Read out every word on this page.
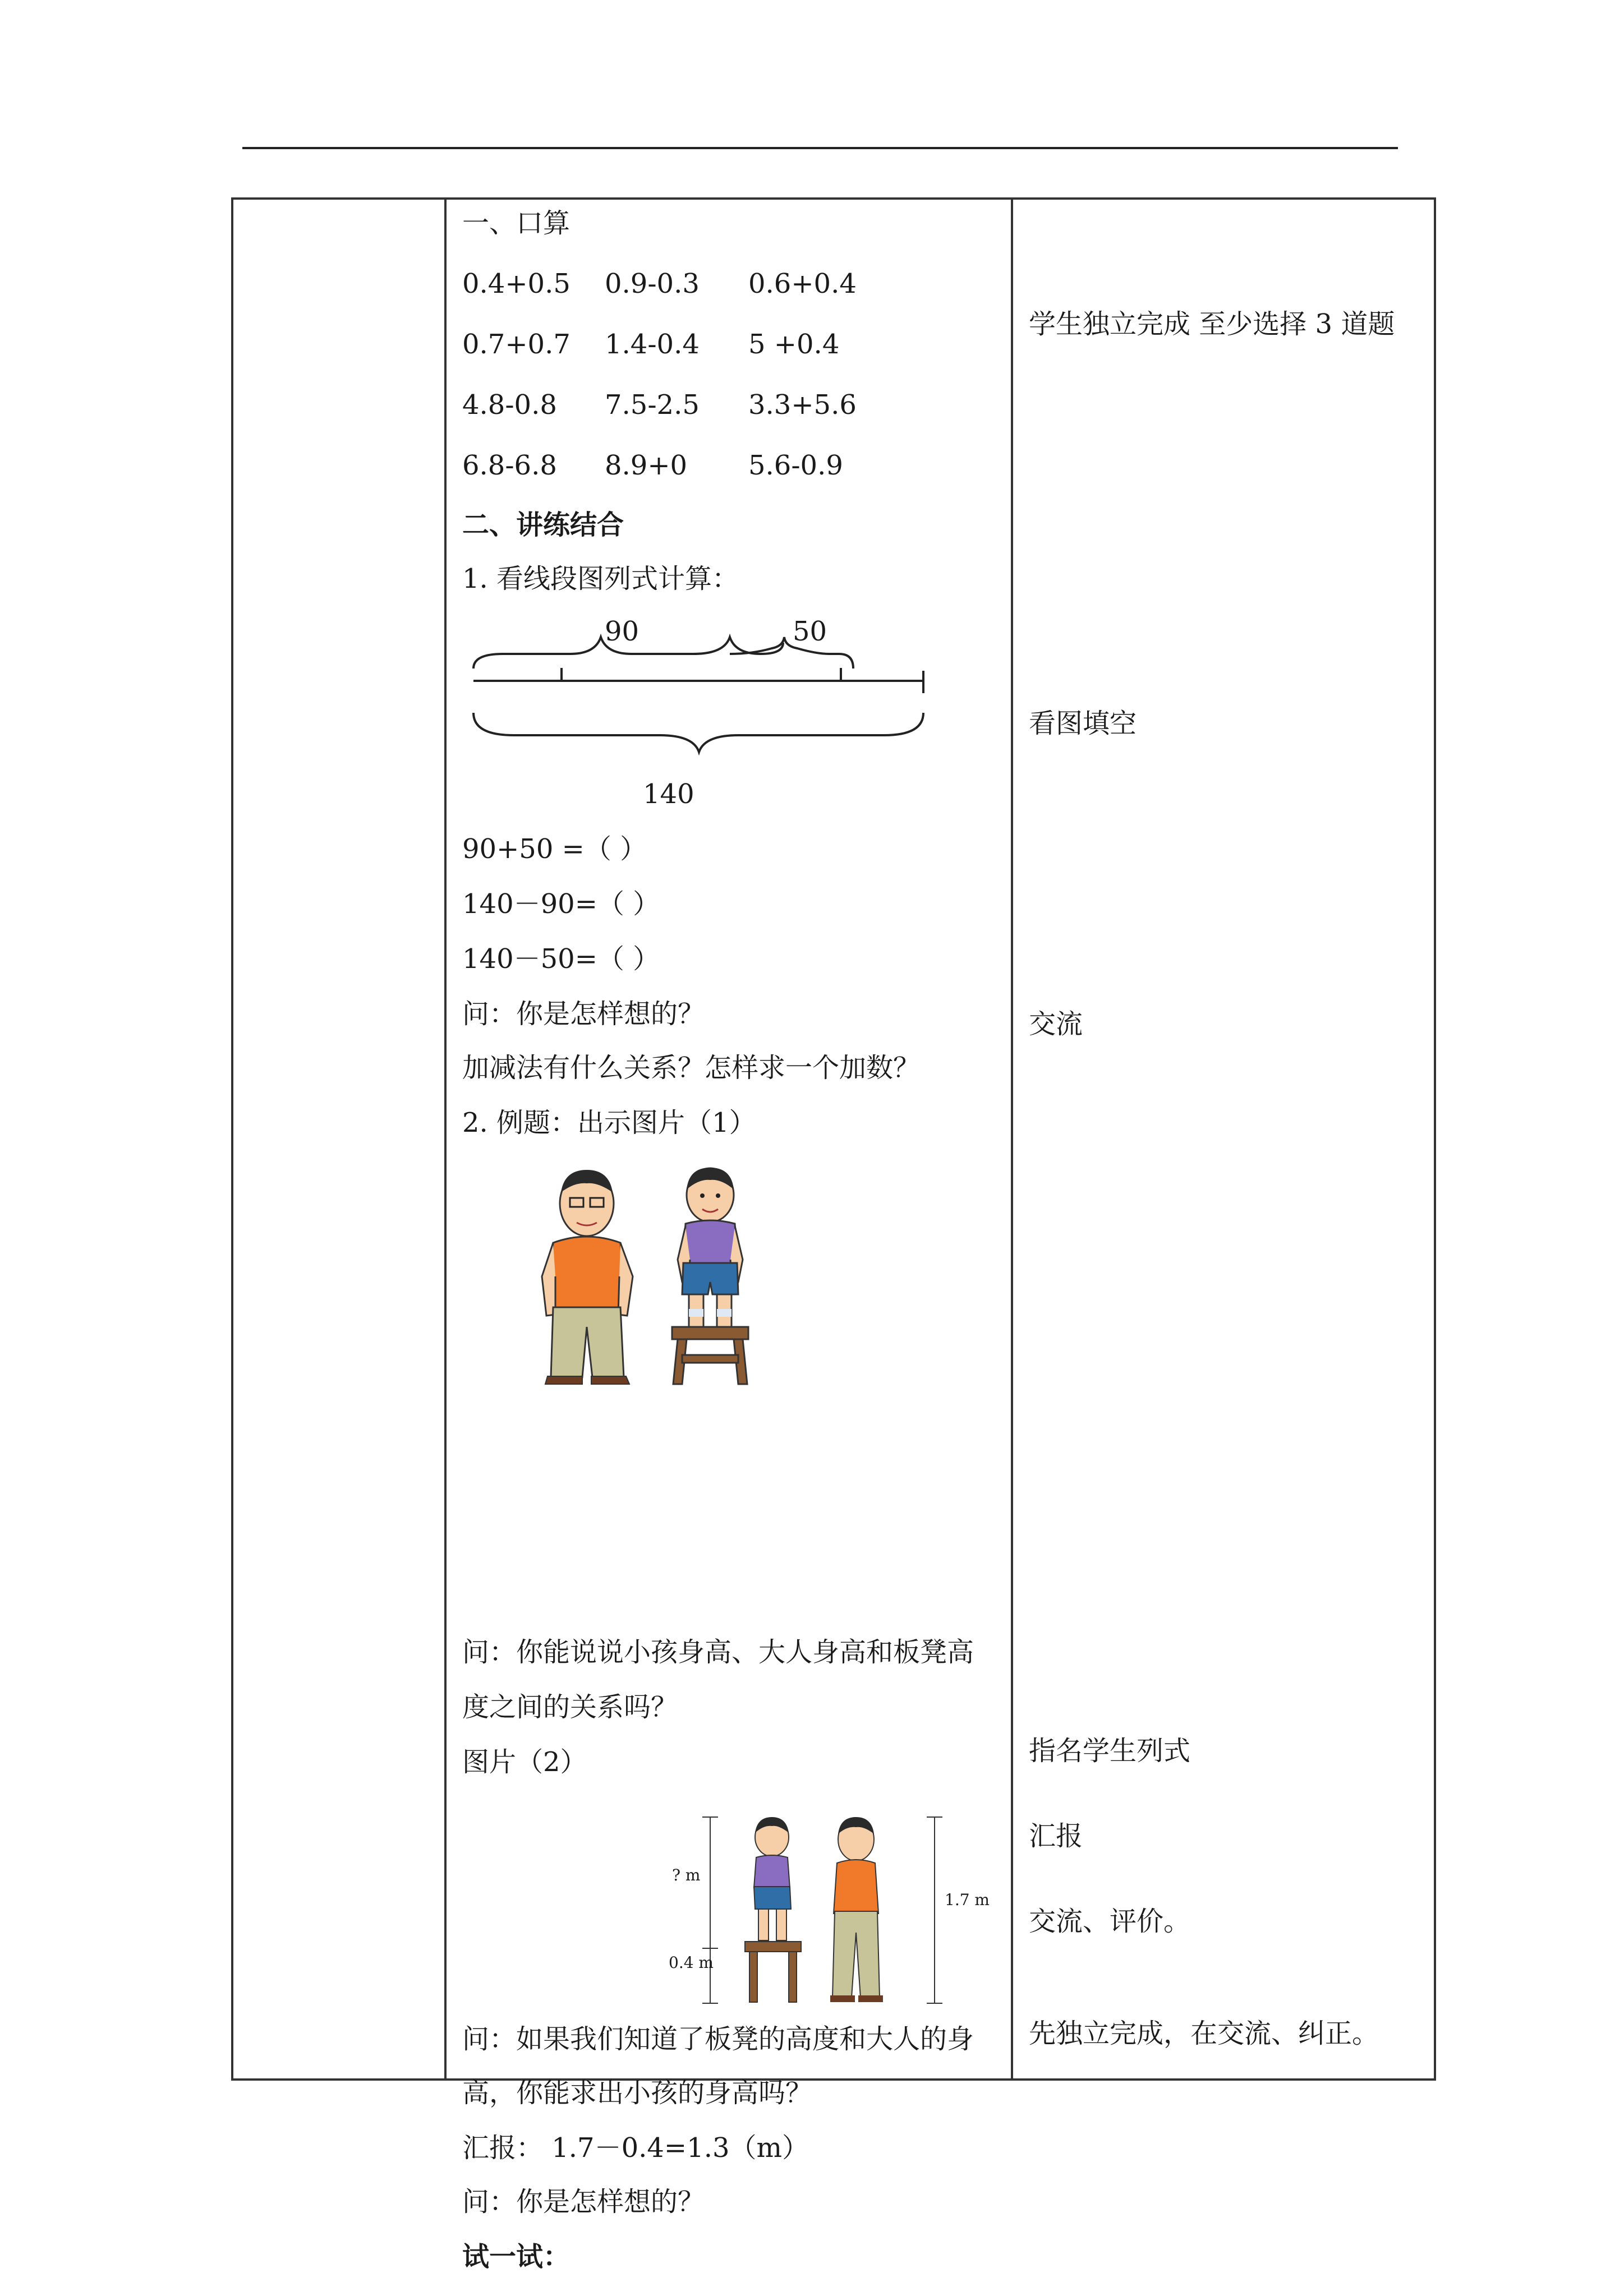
一、口算
0.4+0.5 0.9-0.3 0.6+0.4
0.7+0.7 1.4-0.4 5 +0.4
4.8-0.8 7.5-2.5 3.3+5.6
6.8-6.8 8.9+0 5.6-0.9
二、讲练结合
1. 看线段图列式计算：
90	50
140
90+50 =（ ）
140－90=（ ）
140－50=（ ）
问：你是怎样想的？
加减法有什么关系？怎样求一个加数？
2. 例题：出示图片（1）
问：你能说说小孩身高、大人身高和板凳高
度之间的关系吗？
图片（2）
? m
0.4 m
1.7 m
问：如果我们知道了板凳的高度和大人的身
高，你能求出小孩的身高吗？
汇报： 1.7－0.4=1.3（m）
问：你是怎样想的？
试一试：
学生独立完成 至少选择 3 道题
看图填空
交流
指名学生列式
汇报
交流、评价。
先独立完成，在交流、纠正。
